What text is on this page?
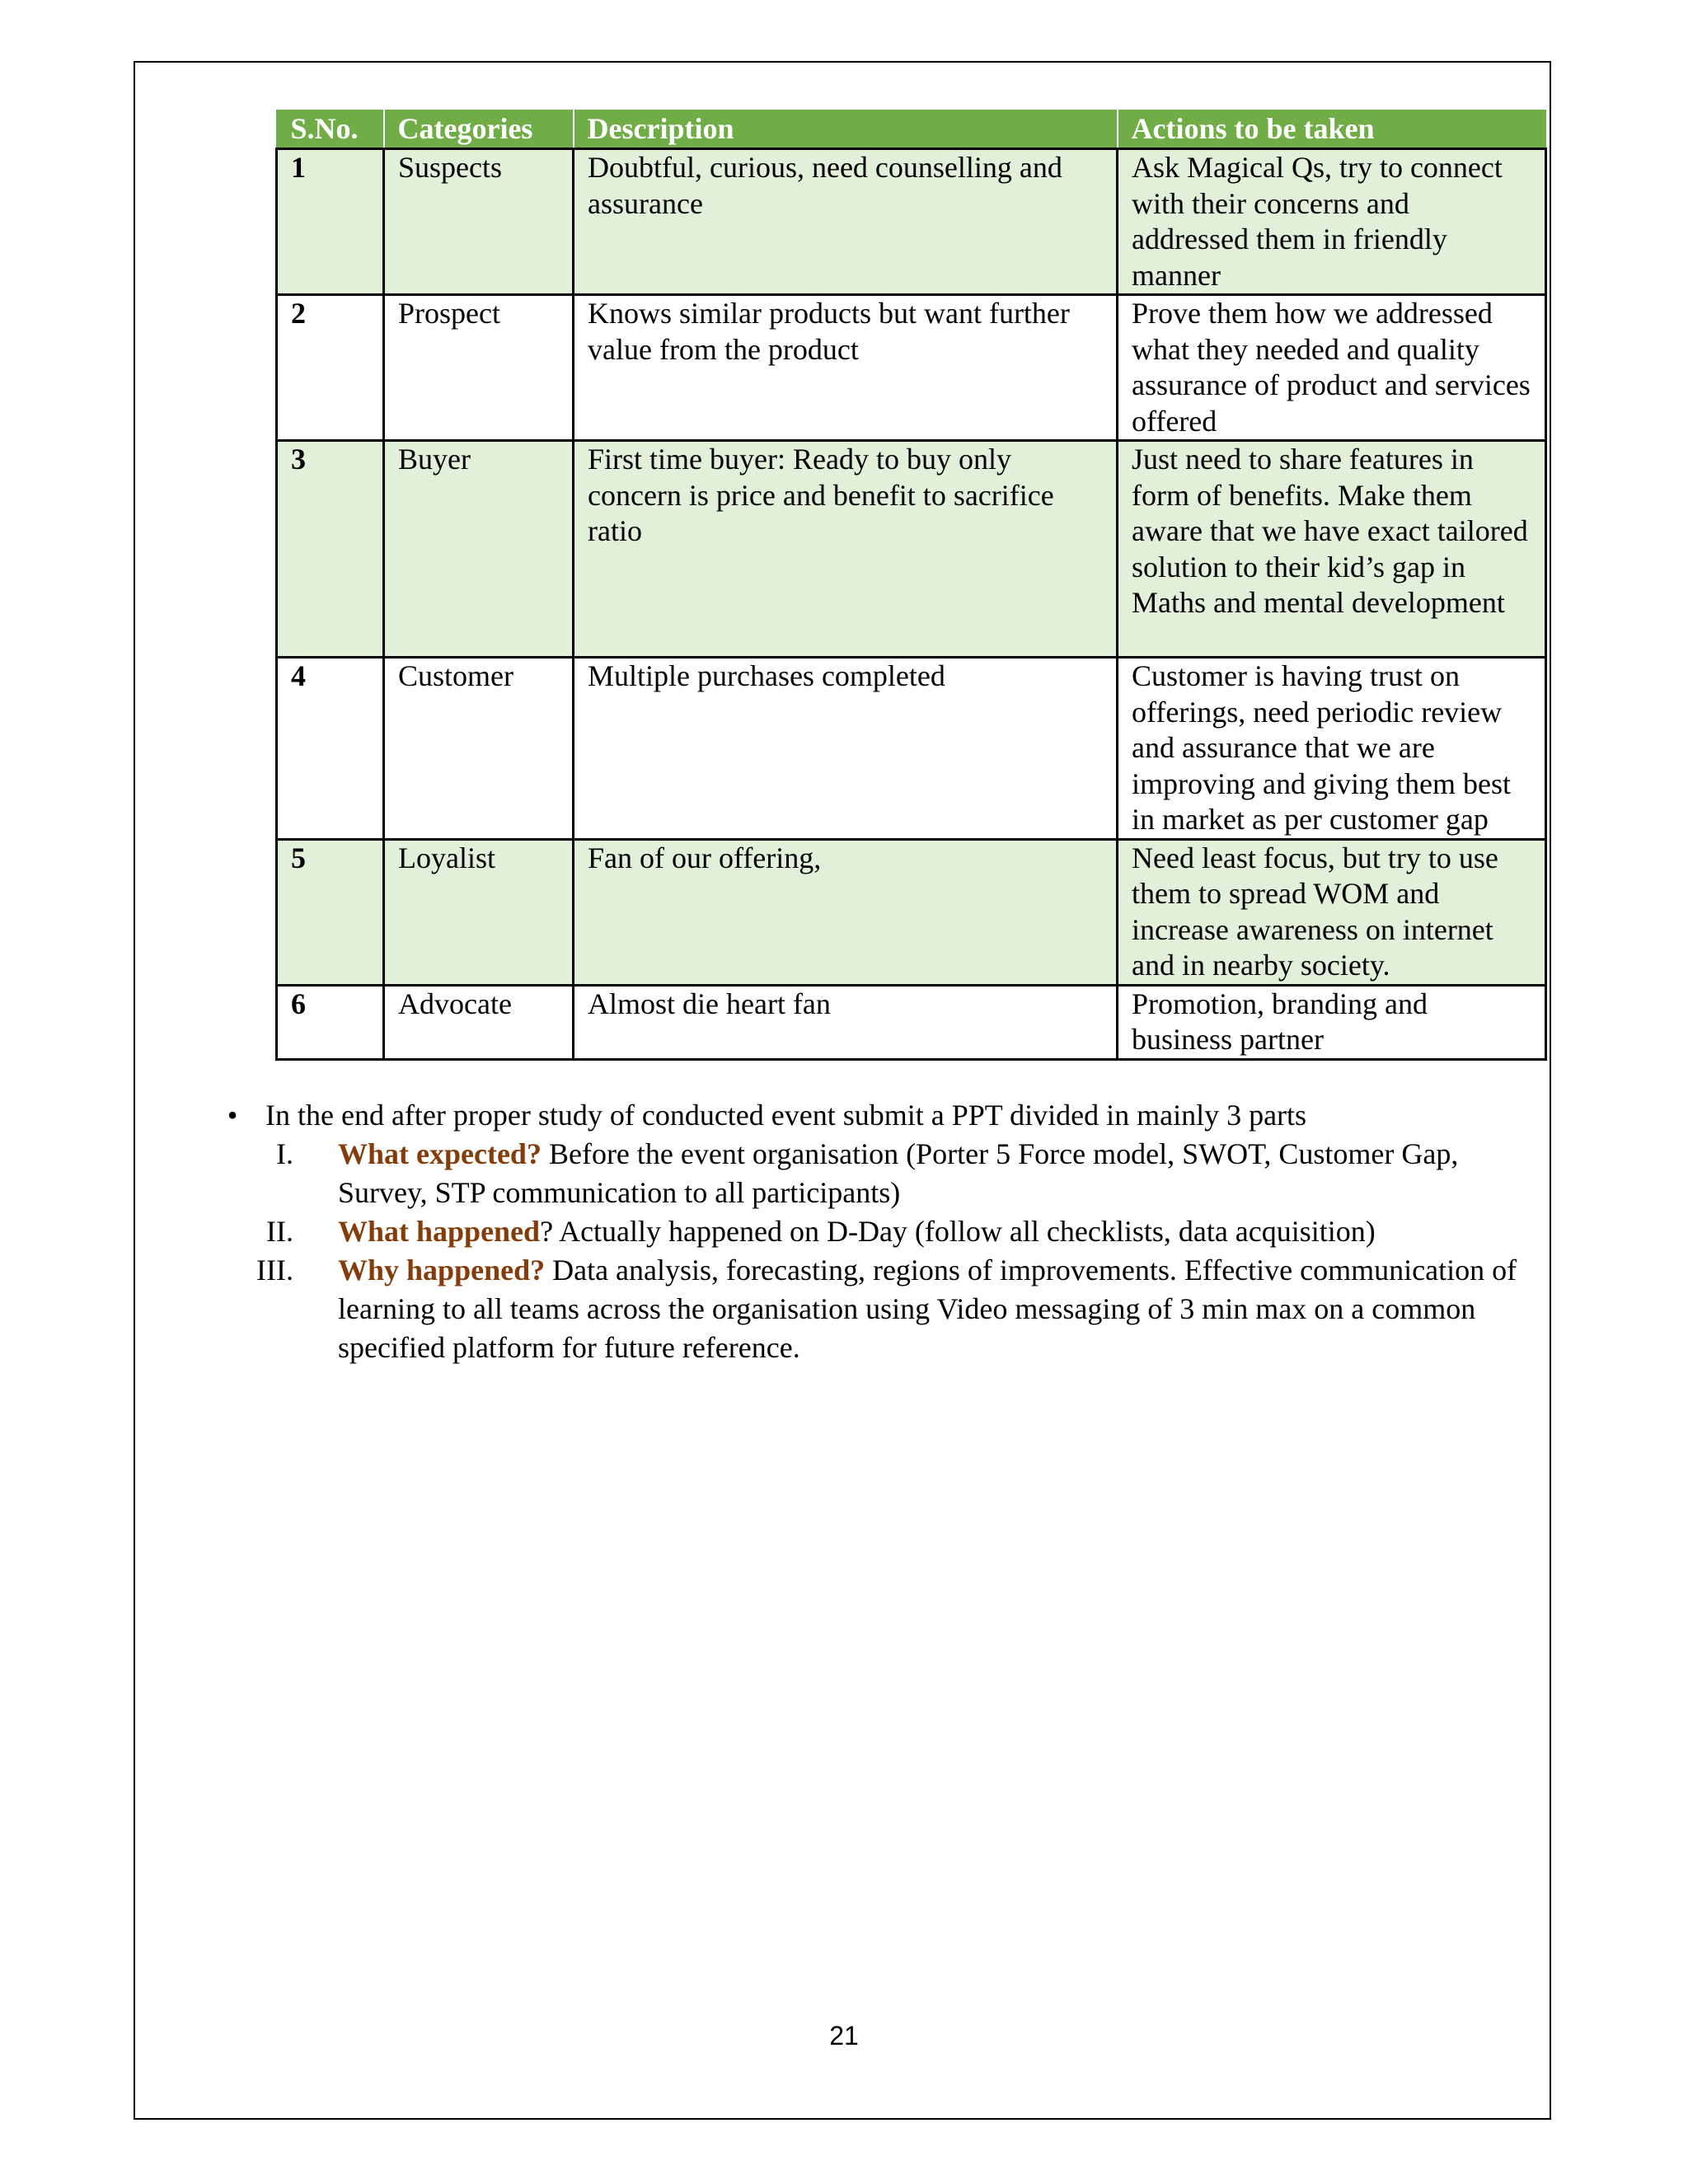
S.No.	Categories	Description	Actions to be taken
1	Suspects	Doubtful, curious, need counselling and assurance	Ask Magical Qs, try to connect with their concerns and addressed them in friendly manner
2	Prospect	Knows similar products but want further value from the product	Prove them how we addressed what they needed and quality assurance of product and services offered
3	Buyer	First time buyer: Ready to buy only concern is price and benefit to sacrifice ratio	Just need to share features in form of benefits. Make them aware that we have exact tailored solution to their kid’s gap in Maths and mental development
4	Customer	Multiple purchases completed	Customer is having trust on offerings, need periodic review and assurance that we are improving and giving them best in market as per customer gap
5	Loyalist	Fan of our offering,	Need least focus, but try to use them to spread WOM and increase awareness on internet and in nearby society.
6	Advocate	Almost die heart fan	Promotion, branding and business partner
• In the end after proper study of conducted event submit a PPT divided in mainly 3 parts
I. What expected? Before the event organisation (Porter 5 Force model, SWOT, Customer Gap, Survey, STP communication to all participants)
II. What happened? Actually happened on D-Day (follow all checklists, data acquisition)
III. Why happened? Data analysis, forecasting, regions of improvements. Effective communication of learning to all teams across the organisation using Video messaging of 3 min max on a common specified platform for future reference.
21
